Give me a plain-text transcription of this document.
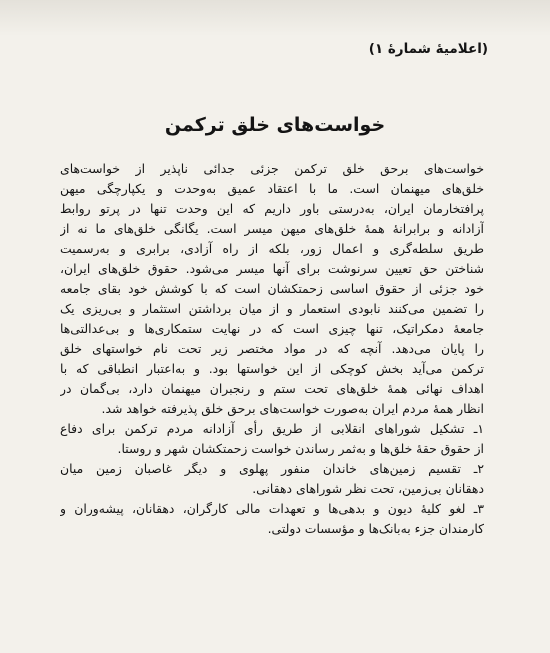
(اعلامیهٔ شمارهٔ ۱)
خواست‌های خلق ترکمن
خواست‌های برحق خلق ترکمن جزئی جدائی ناپذیر از خواست‌های
خلق‌های میهنمان است. ما با اعتقاد عمیق به‌وحدت و یکپارچگی میهن
پرافتخارمان ایران، به‌درستی باور داریم که این وحدت تنها در پرتو روابط
آزادانه و برابرانهٔ همهٔ خلق‌های میهن میسر است. یگانگی خلق‌های ما نه از
طریق سلطه‌گری و اعمال زور، بلکه از راه آزادی، برابری و به‌رسمیت
شناختن حق تعیین سرنوشت برای آنها میسر می‌شود. حقوق خلق‌های ایران،
خود جزئی از حقوق اساسی زحمتکشان است که با کوشش خود بقای جامعه
را تضمین می‌کنند نابودی استعمار و از میان برداشتن استثمار و بی‌ریزی یک
جامعهٔ دمکراتیک، تنها چیزی است که در نهایت ستمکاری‌ها و بی‌عدالتی‌ها
را پایان می‌دهد. آنچه که در مواد مختصر زیر تحت نام خواستهای خلق
ترکمن می‌آید بخش کوچکی از این خواستها بود. و به‌اعتبار انطباقی که با
اهداف نهائی همهٔ خلق‌های تحت ستم و رنجبران میهنمان دارد، بی‌گمان در
انظار همهٔ مردم ایران به‌صورت خواست‌های برحق خلق پذیرفته خواهد شد.
۱ـ تشکیل شوراهای انقلابی از طریق رأی آزادانه مردم ترکمن برای دفاع
از حقوق حقهٔ خلق‌ها و به‌ثمر رساندن خواست زحمتکشان شهر و روستا.
۲ـ تقسیم زمین‌های خاندان منفور پهلوی و دیگر غاصبان زمین میان
دهقانان بی‌زمین، تحت نظر شوراهای دهقانی.
۳ـ لغو کلیهٔ دیون و بدهی‌ها و تعهدات مالی کارگران، دهقانان، پیشه‌وران و
کارمندان جزء به‌بانک‌ها و مؤسسات دولتی.
